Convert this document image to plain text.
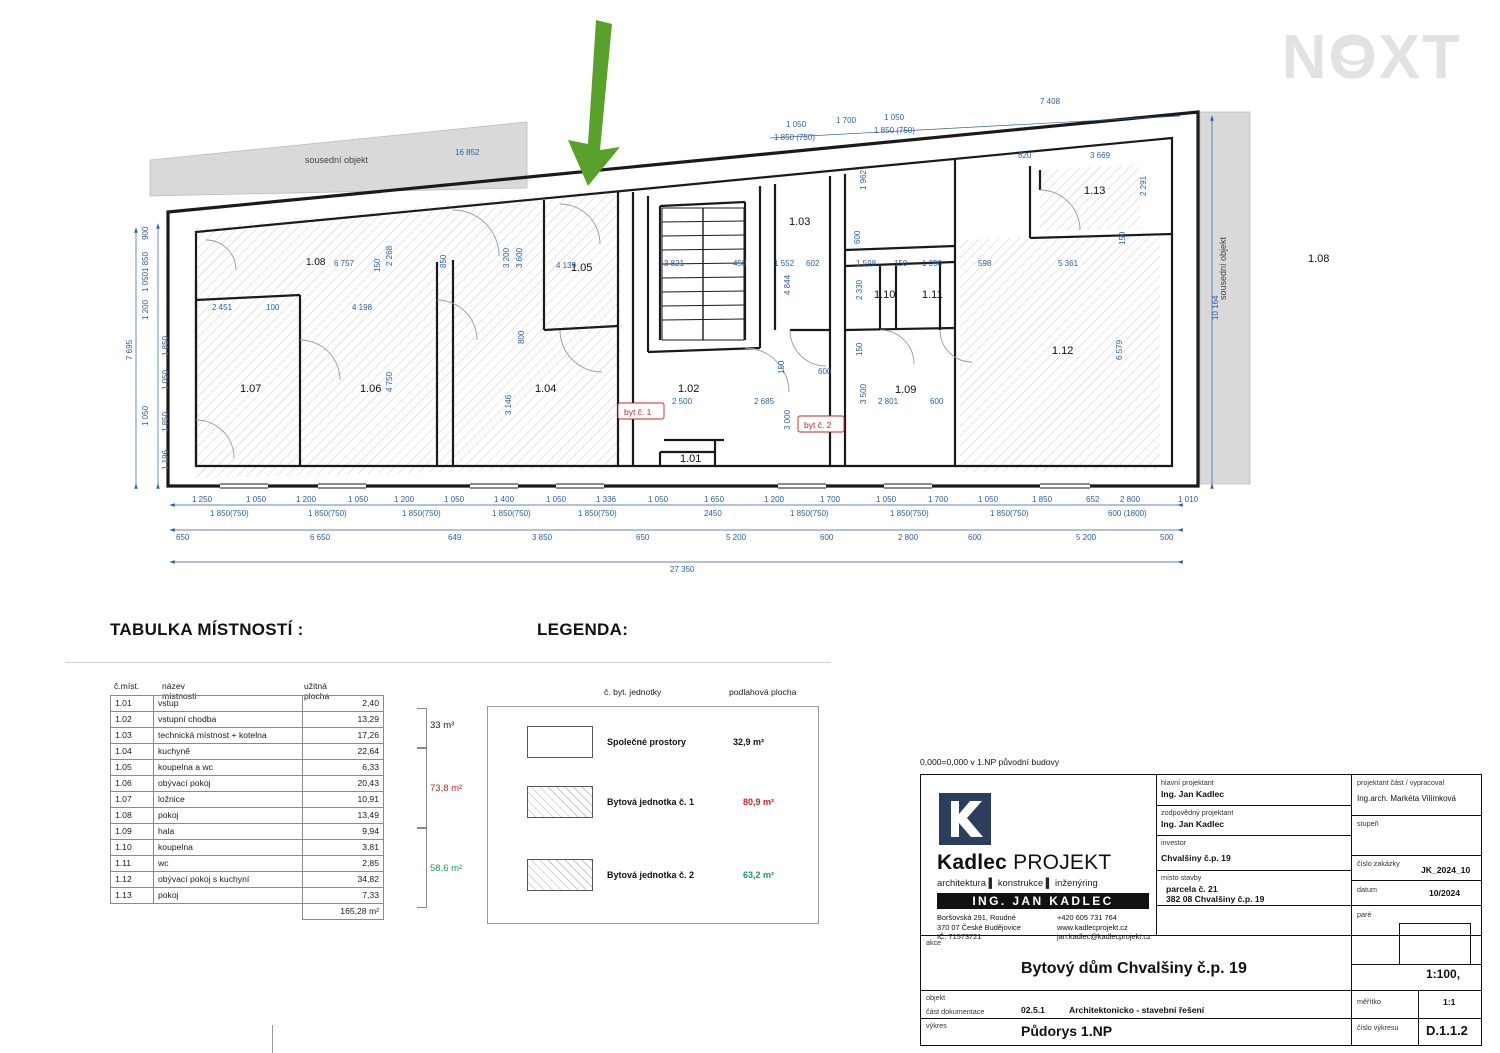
NOXT
1.07	1.06	1.04
1.05
1.02
1.01
1.03
1.09
1.10 1.11
1.12
1.13
1.08
1.08
byt č. 1
byt č. 2
sousední objekt
sousední objekt
16 852
7 408
1 050	1 700	1 050
1 850 (750)
1 850 (750)
3 669
620
900
1 850
1 050
1 200
1 850
1 050
1 850
1 050
1 196
7 695
10 164
2 451	100	4 198
6 757 150 2 268	850	3 200 3 600	4 139
800
3 146
4 750
3 821	450	1 552 602
4 844
1 598 150 1 050	598	5 361
150
2 291
6 579
600
2 330
150
2 801	600
3 500
3 000
2 685
2 500
150	600
1 962
1 250	1 050	1 200	1 050	1 200	1 050	1 400	1 050	1 336	1 050	1 650	1 200	1 700	1 050	1 700	1 050	1 850	652	2 800	1 010
1 850(750)	1 850(750)	1 850(750)	1 850(750)	1 850(750)	2450	1 850(750)	1 850(750)	1 850(750)	600 (1800)
650	6 650	649	3 850	650	5 200	600	2 800	600	5 200	500
27 350
TABULKA MÍSTNOSTÍ :	LEGENDA:
č.míst.	název místnosti
užitná plocha
1.01	vstup	2,40
1.02	vstupní chodba	13,29
1.03	technická místnost + kotelna	17,26
1.04	kuchyně	22,64
1.05	koupelna a wc	6,33
1.06	obývací pokoj	20,43
1.07	ložnice	10,91
1.08	pokoj	13,49
1.09	hala	9,94
1.10	koupelna	3,81
1.11	wc	2,85
1.12	obývací pokoj s kuchyní	34,82
1.13	pokoj	7,33
		165,28 m²
33 m³
73,8 m²
58,6 m²
č. byt. jednotky	podlahová plocha
Společné prostory	32,9 m²
Bytová jednotka č. 1	80,9 m²
Bytová jednotka č. 2	63,2 m²
0,000=0,000 v 1.NP původní budovy
Kadlec PROJEKT
architektura ▌ konstrukce ▌ inženýring
ING. JAN KADLEC
Boršovská 291, Roudné
370 07 České Budějovice
IČ: 71573721
+420 605 731 764
www.kadlecprojekt.cz
jan.kadlec@kadlecprojekt.cz
hlavní projektant
Ing. Jan Kadlec
zodpovědný projektant
Ing. Jan Kadlec
investor
Chvalšiny č.p. 19
místo stavby
parcela č. 21
382 08 Chvalšiny č.p. 19
projektant část / vypracoval
Ing.arch. Markéta Vilímková
stupeň
číslo zakázky
JK_2024_10
datum	10/2024
paré
akce
Bytový dům Chvalšiny č.p. 19
objekt
část dokumentace	02.5.1	Architektonicko - stavební řešení
výkres	Půdorys 1.NP
1:100,
měřítko	1:1
číslo výkresu D.1.1.2
